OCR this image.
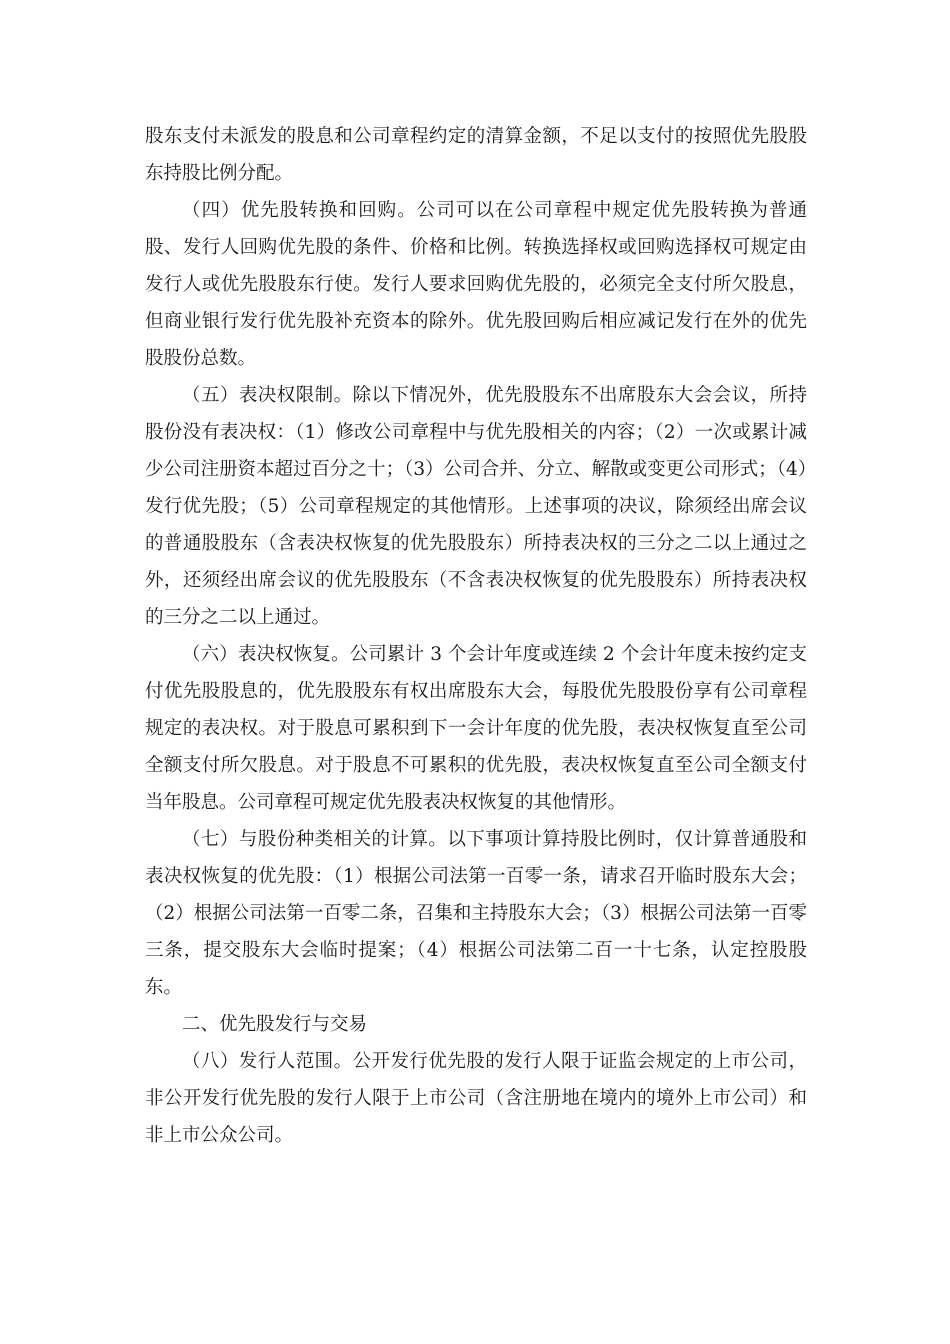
股东支付未派发的股息和公司章程约定的清算金额，不足以支付的按照优先股股东持股比例分配。

（四）优先股转换和回购。公司可以在公司章程中规定优先股转换为普通股、发行人回购优先股的条件、价格和比例。转换选择权或回购选择权可规定由发行人或优先股股东行使。发行人要求回购优先股的，必须完全支付所欠股息，但商业银行发行优先股补充资本的除外。优先股回购后相应减记发行在外的优先股股份总数。

（五）表决权限制。除以下情况外，优先股股东不出席股东大会会议，所持股份没有表决权：（1）修改公司章程中与优先股相关的内容；（2）一次或累计减少公司注册资本超过百分之十；（3）公司合并、分立、解散或变更公司形式；（4）发行优先股；（5）公司章程规定的其他情形。上述事项的决议，除须经出席会议的普通股股东（含表决权恢复的优先股股东）所持表决权的三分之二以上通过之外，还须经出席会议的优先股股东（不含表决权恢复的优先股股东）所持表决权的三分之二以上通过。

（六）表决权恢复。公司累计 3 个会计年度或连续 2 个会计年度未按约定支付优先股股息的，优先股股东有权出席股东大会，每股优先股股份享有公司章程规定的表决权。对于股息可累积到下一会计年度的优先股，表决权恢复直至公司全额支付所欠股息。对于股息不可累积的优先股，表决权恢复直至公司全额支付当年股息。公司章程可规定优先股表决权恢复的其他情形。

（七）与股份种类相关的计算。以下事项计算持股比例时，仅计算普通股和表决权恢复的优先股：（1）根据公司法第一百零一条，请求召开临时股东大会；（2）根据公司法第一百零二条，召集和主持股东大会；（3）根据公司法第一百零三条，提交股东大会临时提案；（4）根据公司法第二百一十七条，认定控股股东。

二、优先股发行与交易

（八）发行人范围。公开发行优先股的发行人限于证监会规定的上市公司，非公开发行优先股的发行人限于上市公司（含注册地在境内的境外上市公司）和非上市公众公司。
